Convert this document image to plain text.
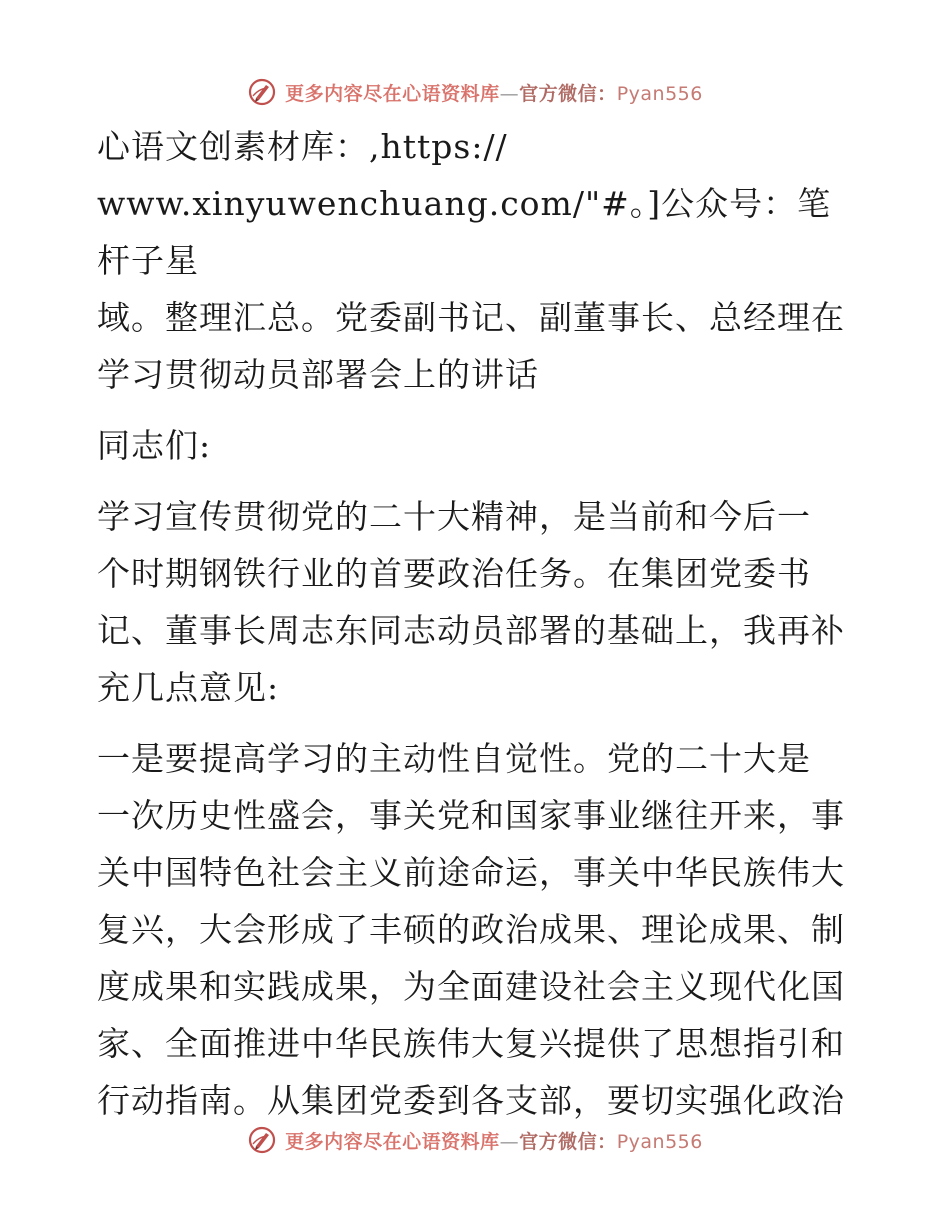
更多内容尽在心语资料库—官方微信：Pyan556

心语文创素材库：,https://
www.xinyuwenchuang.com/"#。]公众号：笔杆子星
域。整理汇总。党委副书记、副董事长、总经理在
学习贯彻动员部署会上的讲话

同志们:

学习宣传贯彻党的二十大精神，是当前和今后一
个时期钢铁行业的首要政治任务。在集团党委书
记、董事长周志东同志动员部署的基础上，我再补
充几点意见:

一是要提高学习的主动性自觉性。党的二十大是
一次历史性盛会，事关党和国家事业继往开来，事
关中国特色社会主义前途命运，事关中华民族伟大
复兴，大会形成了丰硕的政治成果、理论成果、制
度成果和实践成果，为全面建设社会主义现代化国
家、全面推进中华民族伟大复兴提供了思想指引和
行动指南。从集团党委到各支部，要切实强化政治

更多内容尽在心语资料库—官方微信：Pyan556
